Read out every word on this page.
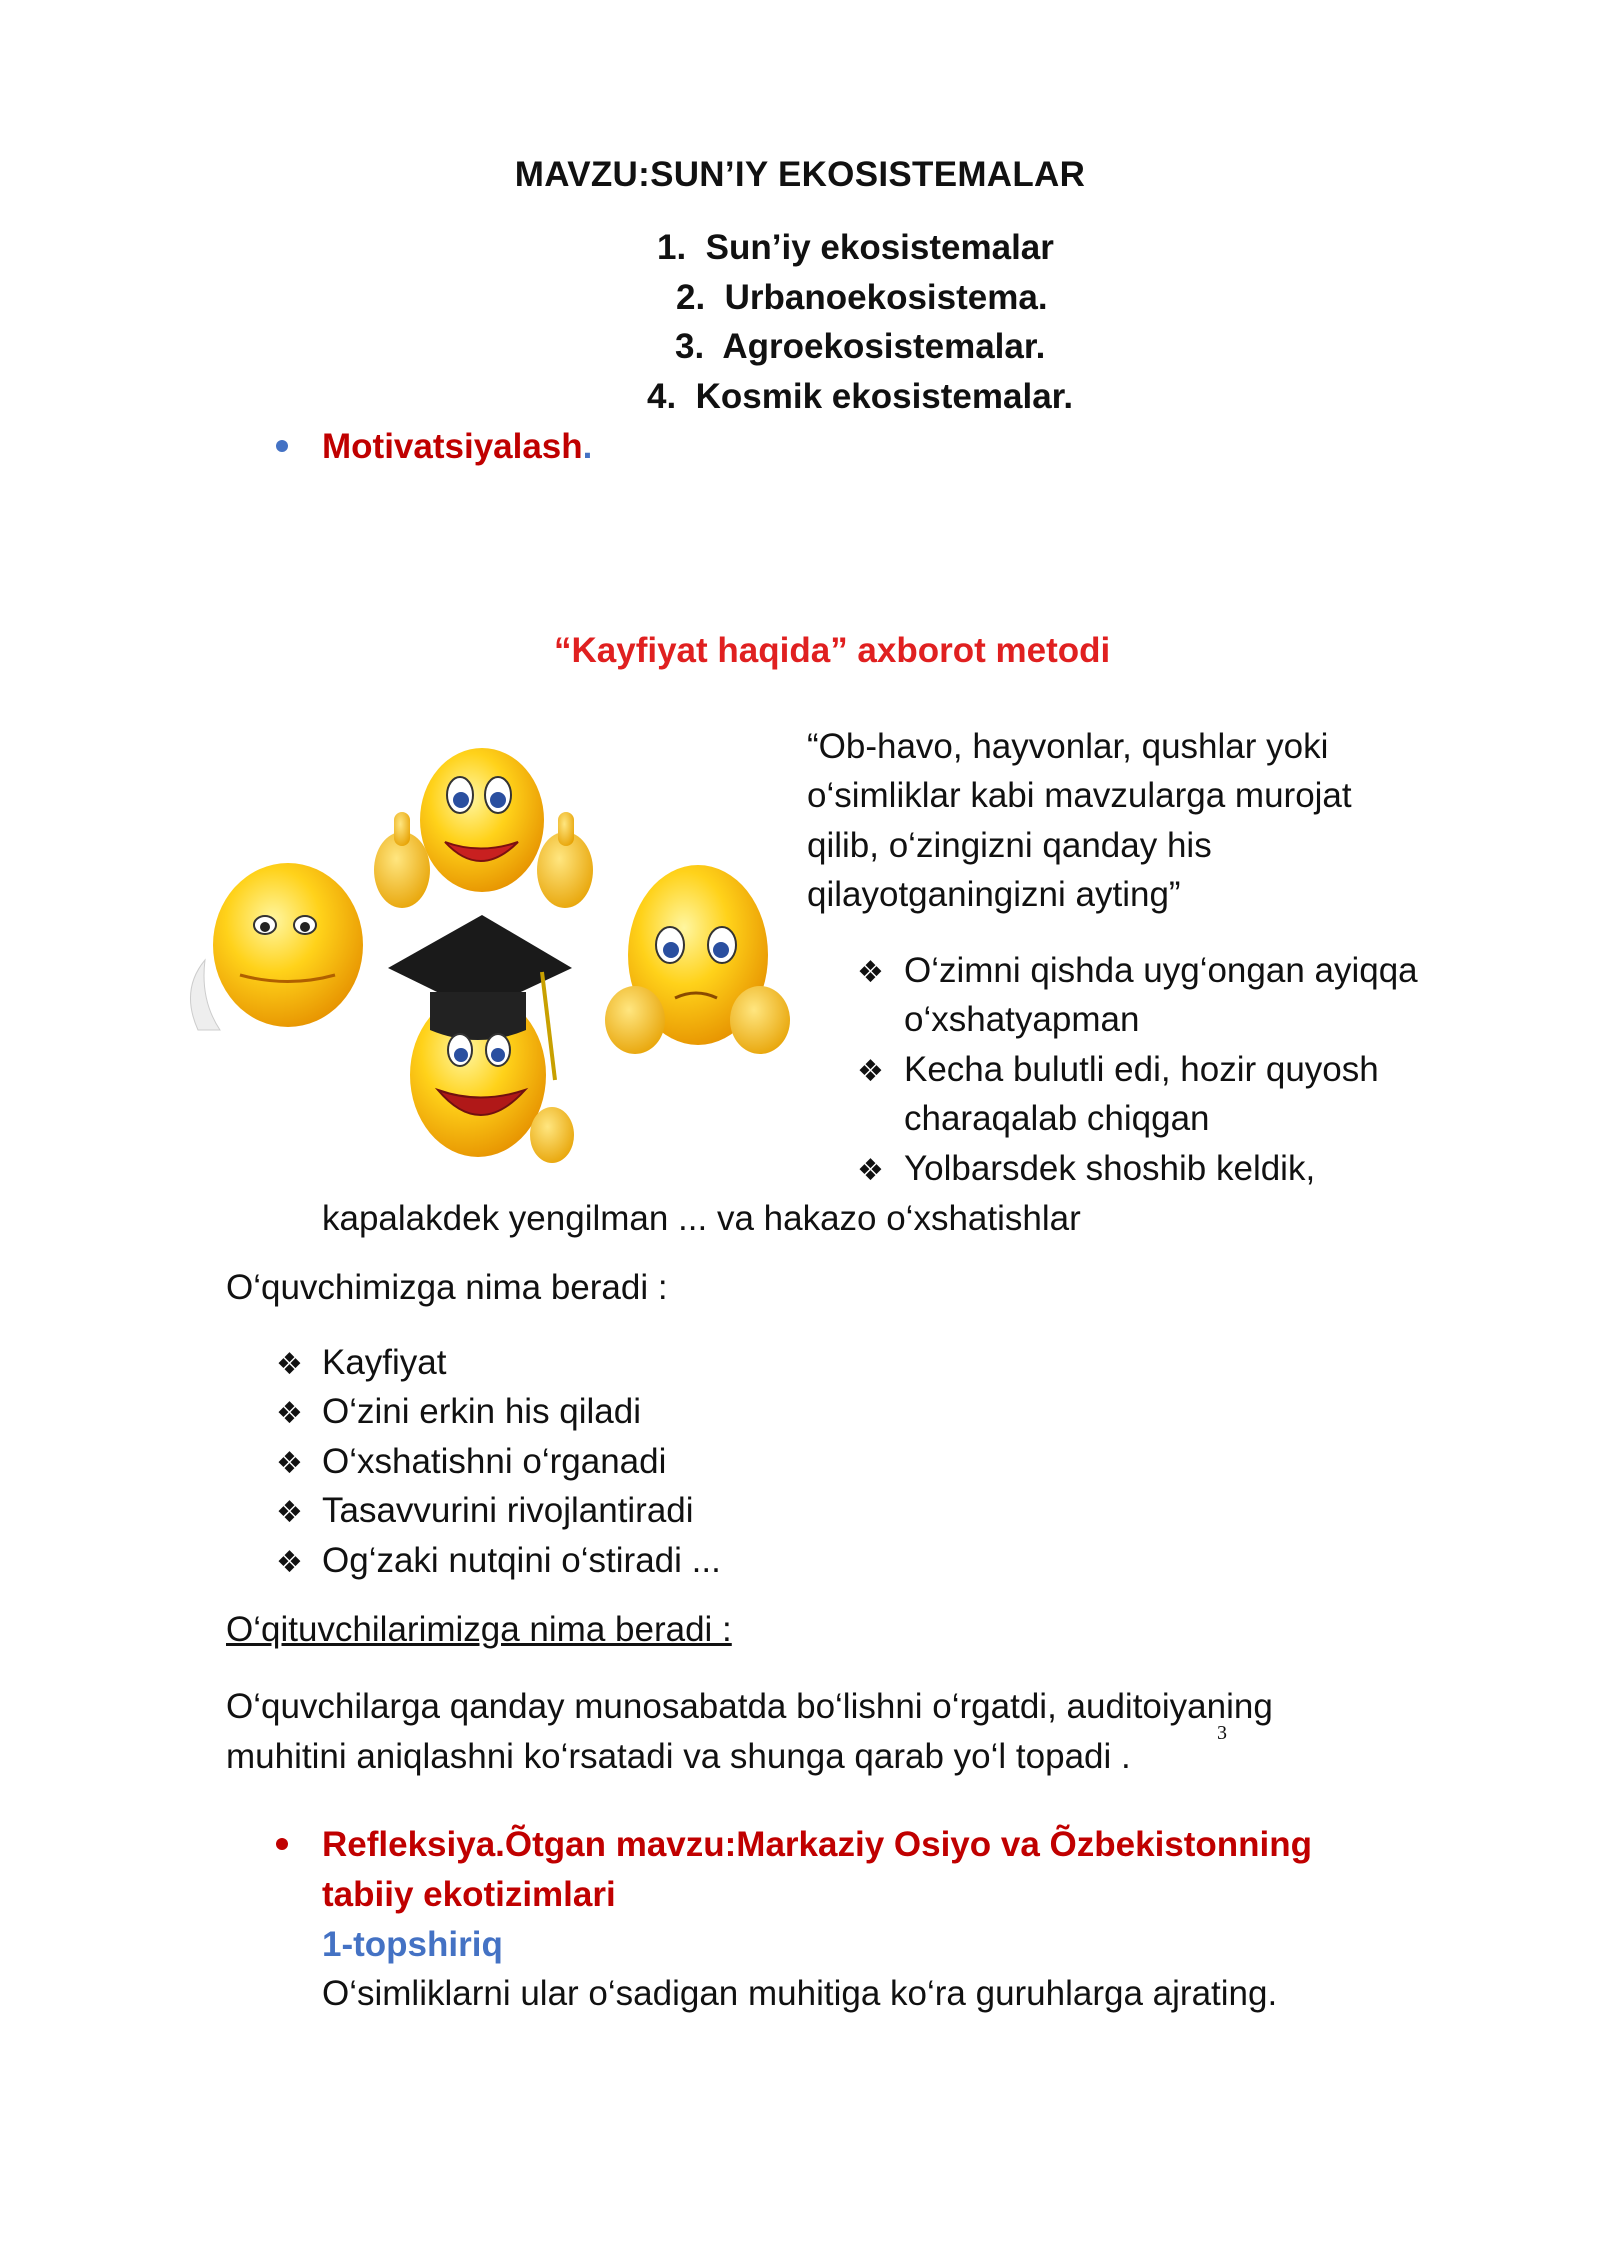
MAVZU:SUN’IY EKOSISTEMALAR
1. Sun’iy ekosistemalar
2. Urbanoekosistema.
3. Agroekosistemalar.
4. Kosmik ekosistemalar.
Motivatsiyalash.
“Kayfiyat haqida” axborot metodi
“Ob-havo, hayvonlar, qushlar yoki
o‘simliklar kabi mavzularga murojat
qilib, o‘zingizni qanday his
qilayotganingizni ayting”
❖ O‘zimni qishda uyg‘ongan ayiqqa
o‘xshatyapman
❖ Kecha bulutli edi, hozir quyosh
charaqalab chiqgan
❖ Yolbarsdek shoshib keldik,
kapalakdek yengilman ... va hakazo o‘xshatishlar
O‘quvchimizga nima beradi :
❖ Kayfiyat
❖ O‘zini erkin his qiladi
❖ O‘xshatishni o‘rganadi
❖ Tasavvurini rivojlantiradi
❖ Og‘zaki nutqini o‘stiradi ...
O‘qituvchilarimizga nima beradi :
O‘quvchilarga qanday munosabatda bo‘lishni o‘rgatdi, auditoiyaning
muhitini aniqlashni ko‘rsatadi va shunga qarab yo‘l topadi .
3
Refleksiya.Õtgan mavzu:Markaziy Osiyo va Õzbekistonning
tabiiy ekotizimlari
1-topshiriq
O‘simliklarni ular o‘sadigan muhitiga ko‘ra guruhlarga ajrating.
